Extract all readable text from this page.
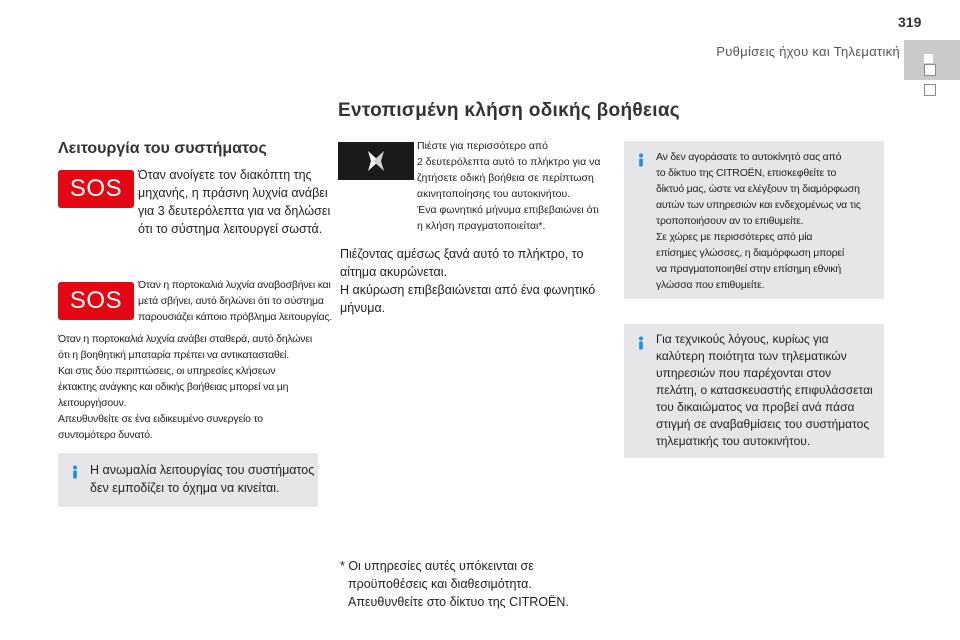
319
Ρυθμίσεις ήχου και Τηλεματική
Εντοπισμένη κλήση οδικής βοήθειας
Λειτουργία του συστήματος
SOS Όταν ανοίγετε τον διακόπτη της
μηχανής, η πράσινη λυχνία ανάβει
για 3 δευτερόλεπτα για να δηλώσει
ότι το σύστημα λειτουργεί σωστά.
SOS
Όταν η πορτοκαλιά λυχνία αναβοσβήνει και
μετά σβήνει, αυτό δηλώνει ότι το σύστημα
παρουσιάζει κάποιο πρόβλημα λειτουργίας.
Όταν η πορτοκαλιά λυχνία ανάβει σταθερά, αυτό δηλώνει
ότι η βοηθητική μπαταρία πρέπει να αντικατασταθεί.
Και στις δύο περιπτώσεις, οι υπηρεσίες κλήσεων
έκτακτης ανάγκης και οδικής βοήθειας μπορεί να μη
λειτουργήσουν.
Απευθυνθείτε σε ένα ειδικευμένο συνεργείο το
συντομότερο δυνατό.
Η ανωμαλία λειτουργίας του συστήματος
δεν εμποδίζει το όχημα να κινείται.
Πιέστε για περισσότερο από
2 δευτερόλεπτα αυτό το πλήκτρο για να
ζητήσετε οδική βοήθεια σε περίπτωση
ακινητοποίησης του αυτοκινήτου.
Ένα φωνητικό μήνυμα επιβεβαιώνει ότι
η κλήση πραγματοποιείται*.
Πιέζοντας αμέσως ξανά αυτό το πλήκτρο, το
αίτημα ακυρώνεται.
Η ακύρωση επιβεβαιώνεται από ένα φωνητικό
μήνυμα.
* Οι υπηρεσίες αυτές υπόκεινται σε
προϋποθέσεις και διαθεσιμότητα.
Απευθυνθείτε στο δίκτυο της CITROËN.
Αν δεν αγοράσατε το αυτοκίνητό σας από
το δίκτυο της CITROËN, επισκεφθείτε το
δίκτυό μας, ώστε να ελέγξουν τη διαμόρφωση
αυτών των υπηρεσιών και ενδεχομένως να τις
τροποποιήσουν αν το επιθυμείτε.
Σε χώρες με περισσότερες από μία
επίσημες γλώσσες, η διαμόρφωση μπορεί
να πραγματοποιηθεί στην επίσημη εθνική
γλώσσα που επιθυμείτε.
Για τεχνικούς λόγους, κυρίως για
καλύτερη ποιότητα των τηλεματικών
υπηρεσιών που παρέχονται στον
πελάτη, ο κατασκευαστής επιφυλάσσεται
του δικαιώματος να προβεί ανά πάσα
στιγμή σε αναβαθμίσεις του συστήματος
τηλεματικής του αυτοκινήτου.
